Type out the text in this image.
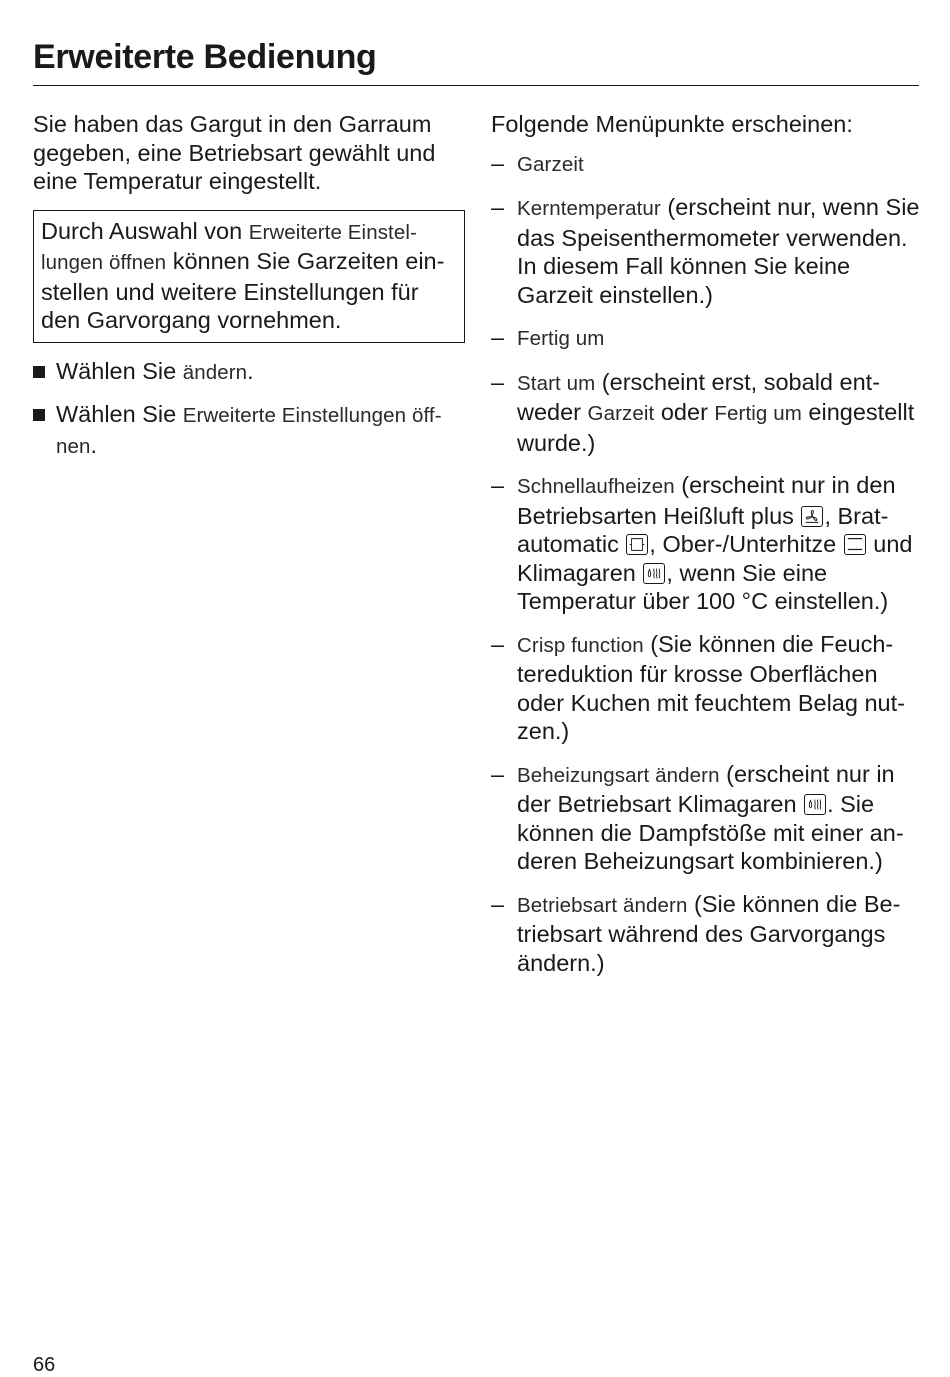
Erweiterte Bedienung

Sie haben das Gargut in den Garraum gegeben, eine Betriebsart gewählt und eine Temperatur eingestellt.

Durch Auswahl von Erweiterte Einstellungen öffnen können Sie Garzeiten einstellen und weitere Einstellungen für den Garvorgang vornehmen.
Wählen Sie ändern.
Wählen Sie Erweiterte Einstellungen öffnen.

Folgende Menüpunkte erscheinen:

– Garzeit
– Kerntemperatur (erscheint nur, wenn Sie das Speisenthermometer verwenden. In diesem Fall können Sie keine Garzeit einstellen.)
– Fertig um
– Start um (erscheint erst, sobald entweder Garzeit oder Fertig um eingestellt wurde.)
– Schnellaufheizen (erscheint nur in den Betriebsarten Heißluft plus
, Bratautomatic
, Ober-/Unterhitze
und Klimagaren
, wenn Sie eine Temperatur über 100 °C einstellen.)
– Crisp function (Sie können die Feuchtereduktion für krosse Oberflächen oder Kuchen mit feuchtem Belag nutzen.)
– Beheizungsart ändern (erscheint nur in der Betriebsart Klimagaren
. Sie können die Dampfstöße mit einer anderen Beheizungsart kombinieren.)
– Betriebsart ändern (Sie können die Betriebsart während des Garvorgangs ändern.)
66
